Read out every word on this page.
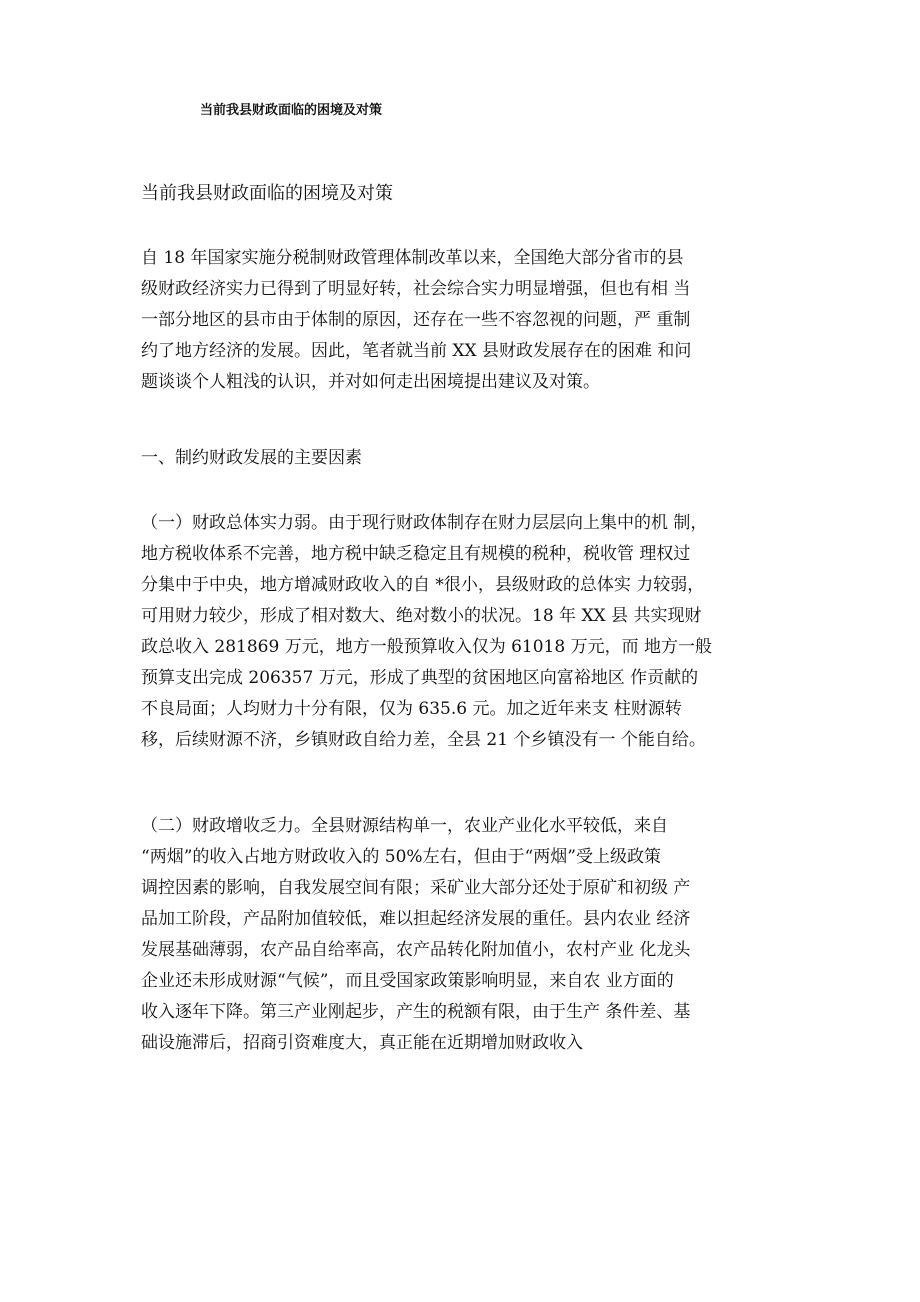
当前我县财政面临的困境及对策
当前我县财政面临的困境及对策
自 18 年国家实施分税制财政管理体制改革以来，全国绝大部分省市的县
级财政经济实力已得到了明显好转，社会综合实力明显增强，但也有相 当
一部分地区的县市由于体制的原因，还存在一些不容忽视的问题，严 重制
约了地方经济的发展。因此，笔者就当前 XX 县财政发展存在的困难 和问
题谈谈个人粗浅的认识，并对如何走出困境提出建议及对策。
一、制约财政发展的主要因素
（一）财政总体实力弱。由于现行财政体制存在财力层层向上集中的机 制，
地方税收体系不完善，地方税中缺乏稳定且有规模的税种，税收管 理权过
分集中于中央，地方增减财政收入的自 *很小，县级财政的总体实 力较弱，
可用财力较少，形成了相对数大、绝对数小的状况。18 年 XX 县 共实现财
政总收入 281869 万元，地方一般预算收入仅为 61018 万元，而 地方一般
预算支出完成 206357 万元，形成了典型的贫困地区向富裕地区 作贡献的
不良局面；人均财力十分有限，仅为 635.6 元。加之近年来支 柱财源转
移，后续财源不济，乡镇财政自给力差，全县 21 个乡镇没有一 个能自给。
（二）财政增收乏力。全县财源结构单一，农业产业化水平较低，来自
“两烟”的收入占地方财政收入的 50%左右，但由于“两烟”受上级政策
调控因素的影响，自我发展空间有限；采矿业大部分还处于原矿和初级 产
品加工阶段，产品附加值较低，难以担起经济发展的重任。县内农业 经济
发展基础薄弱，农产品自给率高，农产品转化附加值小，农村产业 化龙头
企业还未形成财源“气候”，而且受国家政策影响明显，来自农 业方面的
收入逐年下降。第三产业刚起步，产生的税额有限，由于生产 条件差、基
础设施滞后，招商引资难度大，真正能在近期增加财政收入
